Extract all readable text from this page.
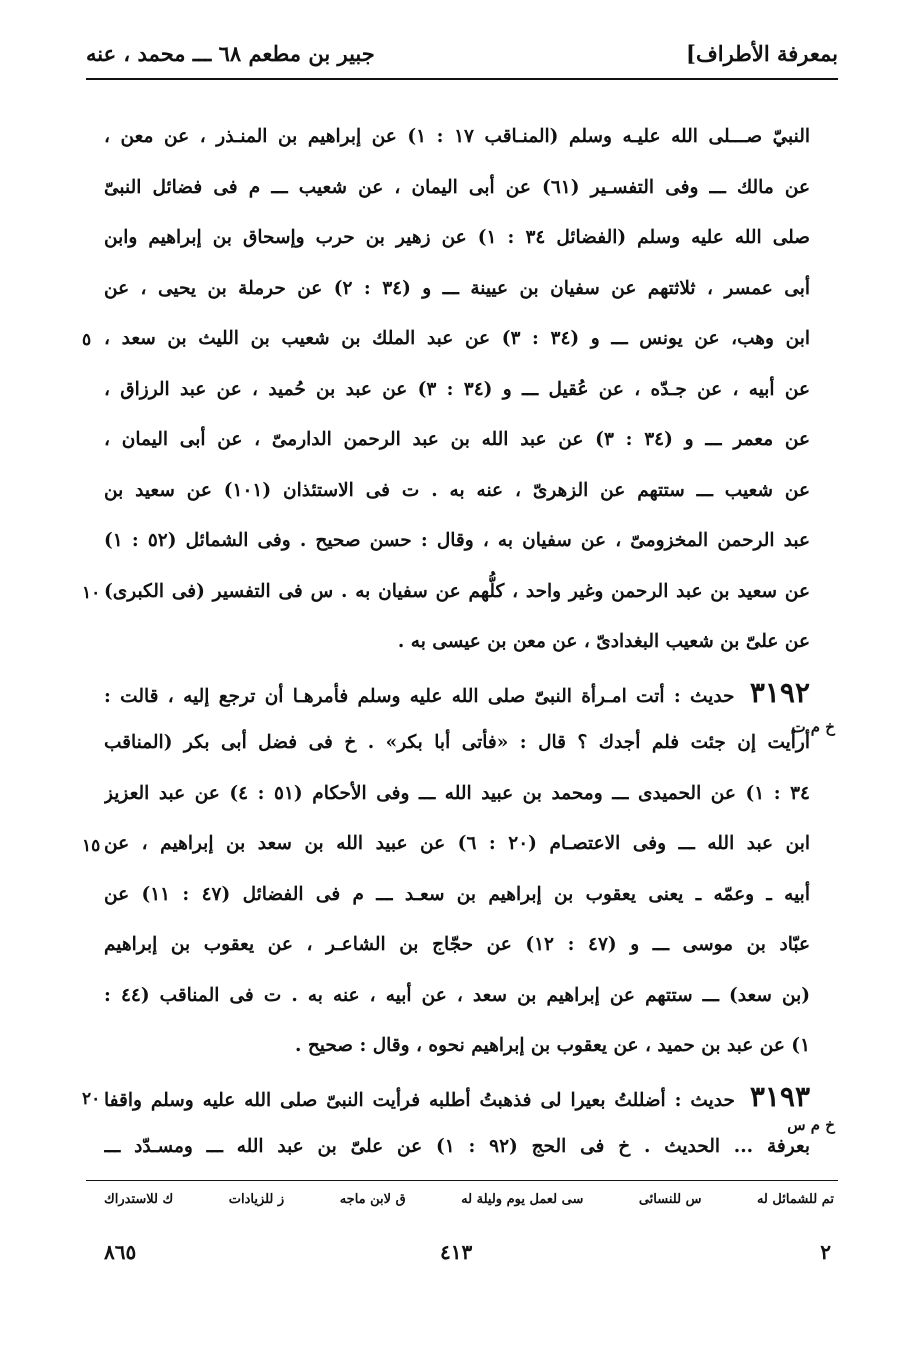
بمعرفة الأطراف]
جبير بن مطعم ٦٨ ـــ محمد ، عنه
النبيّ صـــلى الله عليـه وسلم (المنـاقب ١٧ : ١) عن إبراهيم بن المنـذر ، عن معن ،
عن مالك ـــ وفى التفسـير (٦١) عن أبى اليمان ، عن شعيب ـــ م فى فضائل النبىّ
صلى الله عليه وسلم (الفضائل ٣٤ : ١) عن زهير بن حرب وإسحاق بن إبراهيم وابن
أبى عمسر ، ثلاثتهم عن سفيان بن عيينة ـــ و (٣٤ : ٢) عن حرملة بن يحيى ، عن
ابن وهب، عن يونس ـــ و (٣٤ : ٣) عن عبد الملك بن شعيب بن الليث بن سعد ،
عن أبيه ، عن جـدّه ، عن عُقيل ـــ و (٣٤ : ٣) عن عبد بن حُميد ، عن عبد الرزاق ،
عن معمر ـــ و (٣٤ : ٣) عن عبد الله بن عبد الرحمن الدارمىّ ، عن أبى اليمان ،
عن شعيب ـــ ستتهم عن الزهرىّ ، عنه به . ت فى الاستئذان (١٠١) عن سعيد بن
عبد الرحمن المخزومىّ ، عن سفيان به ، وقال : حسن صحيح . وفى الشمائل (٥٢ : ١)
عن سعيد بن عبد الرحمن وغير واحد ، كلُّهم عن سفيان به . س فى التفسير (فى الكبرى)
عن علىّ بن شعيب البغدادىّ ، عن معن بن عيسى به .
٣١٩٢ حديث : أتت امـرأة النبىّ صلى الله عليه وسلم فأمرهـا أن ترجع إليه ، قالت :
أرأيت إن جئت فلم أجدك ؟ قال : «فأتى أبا بكر» . خ فى فضل أبى بكر (المناقب
٣٤ : ١) عن الحميدى ـــ ومحمد بن عبيد الله ـــ وفى الأحكام (٥١ : ٤) عن عبد العزيز
ابن عبد الله ـــ وفى الاعتصـام (٢٠ : ٦) عن عبيد الله بن سعد بن إبراهيم ، عن
أبيه ـ وعمّه ـ يعنى يعقوب بن إبراهيم بن سعـد ـــ م فى الفضائل (٤٧ : ١١) عن
عبّاد بن موسى ـــ و (٤٧ : ١٢) عن حجّاج بن الشاعـر ، عن يعقوب بن إبراهيم
(بن سعد) ـــ ستتهم عن إبراهيم بن سعد ، عن أبيه ، عنه به . ت فى المناقب (٤٤ :
١) عن عبد بن حميد ، عن يعقوب بن إبراهيم نحوه ، وقال : صحيح .
٣١٩٣ حديث : أضللتُ بعيرا لى فذهبتُ أطلبه فرأيت النبىّ صلى الله عليه وسلم واقفا
بعرفة ... الحديث . خ فى الحج (٩٢ : ١) عن علىّ بن عبد الله ـــ ومسـدّد ـــ
خ م ت
خ م س
٥
١٠
١٥
٢٠
تم للشمائل له
س للنسائى
سى لعمل يوم وليلة له
ق لابن ماجه
ز للزيادات
ك للاستدراك
٨٦٥	٤١٣	٢
